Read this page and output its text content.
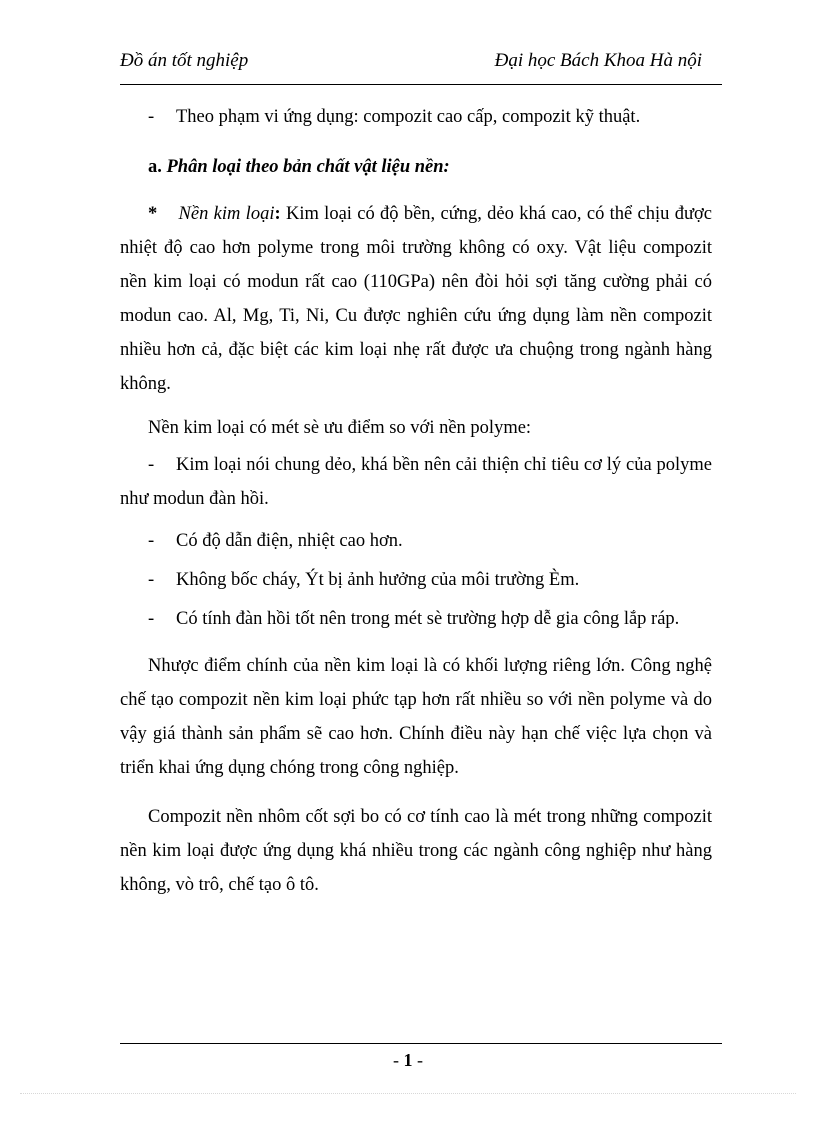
Đồ án tốt nghiệp	Đại học Bách Khoa Hà nội
- Theo phạm vi ứng dụng: compozit cao cấp, compozit kỹ thuật.
a. Phân loại theo bản chất vật liệu nền:
* Nền kim loại: Kim loại có độ bền, cứng, dẻo khá cao, có thể chịu được
nhiệt độ cao hơn polyme trong môi trường không có oxy. Vật liệu compozit
nền kim loại có modun rất cao (110GPa) nên đòi hỏi sợi tăng cường phải có
modun cao. Al, Mg, Ti, Ni, Cu được nghiên cứu ứng dụng làm nền compozit
nhiều hơn cả, đặc biệt các kim loại nhẹ rất được ưa chuộng trong ngành hàng
không.
Nền kim loại có mét sè ưu điểm so với nền polyme:
- Kim loại nói chung dẻo, khá bền nên cải thiện chỉ tiêu cơ lý của polyme
như modun đàn hồi.
- Có độ dẫn điện, nhiệt cao hơn.
- Không bốc cháy, Ýt bị ảnh hưởng của môi trường Èm.
- Có tính đàn hồi tốt nên trong mét sè trường hợp dễ gia công lắp ráp.
Nhược điểm chính của nền kim loại là có khối lượng riêng lớn. Công nghệ
chế tạo compozit nền kim loại phức tạp hơn rất nhiều so với nền polyme và do
vậy giá thành sản phẩm sẽ cao hơn. Chính điều này hạn chế việc lựa chọn và
triển khai ứng dụng chóng trong công nghiệp.
Compozit nền nhôm cốt sợi bo có cơ tính cao là mét trong những compozit
nền kim loại được ứng dụng khá nhiều trong các ngành công nghiệp như hàng
không, vò trô, chế tạo ô tô.
- 1 -
